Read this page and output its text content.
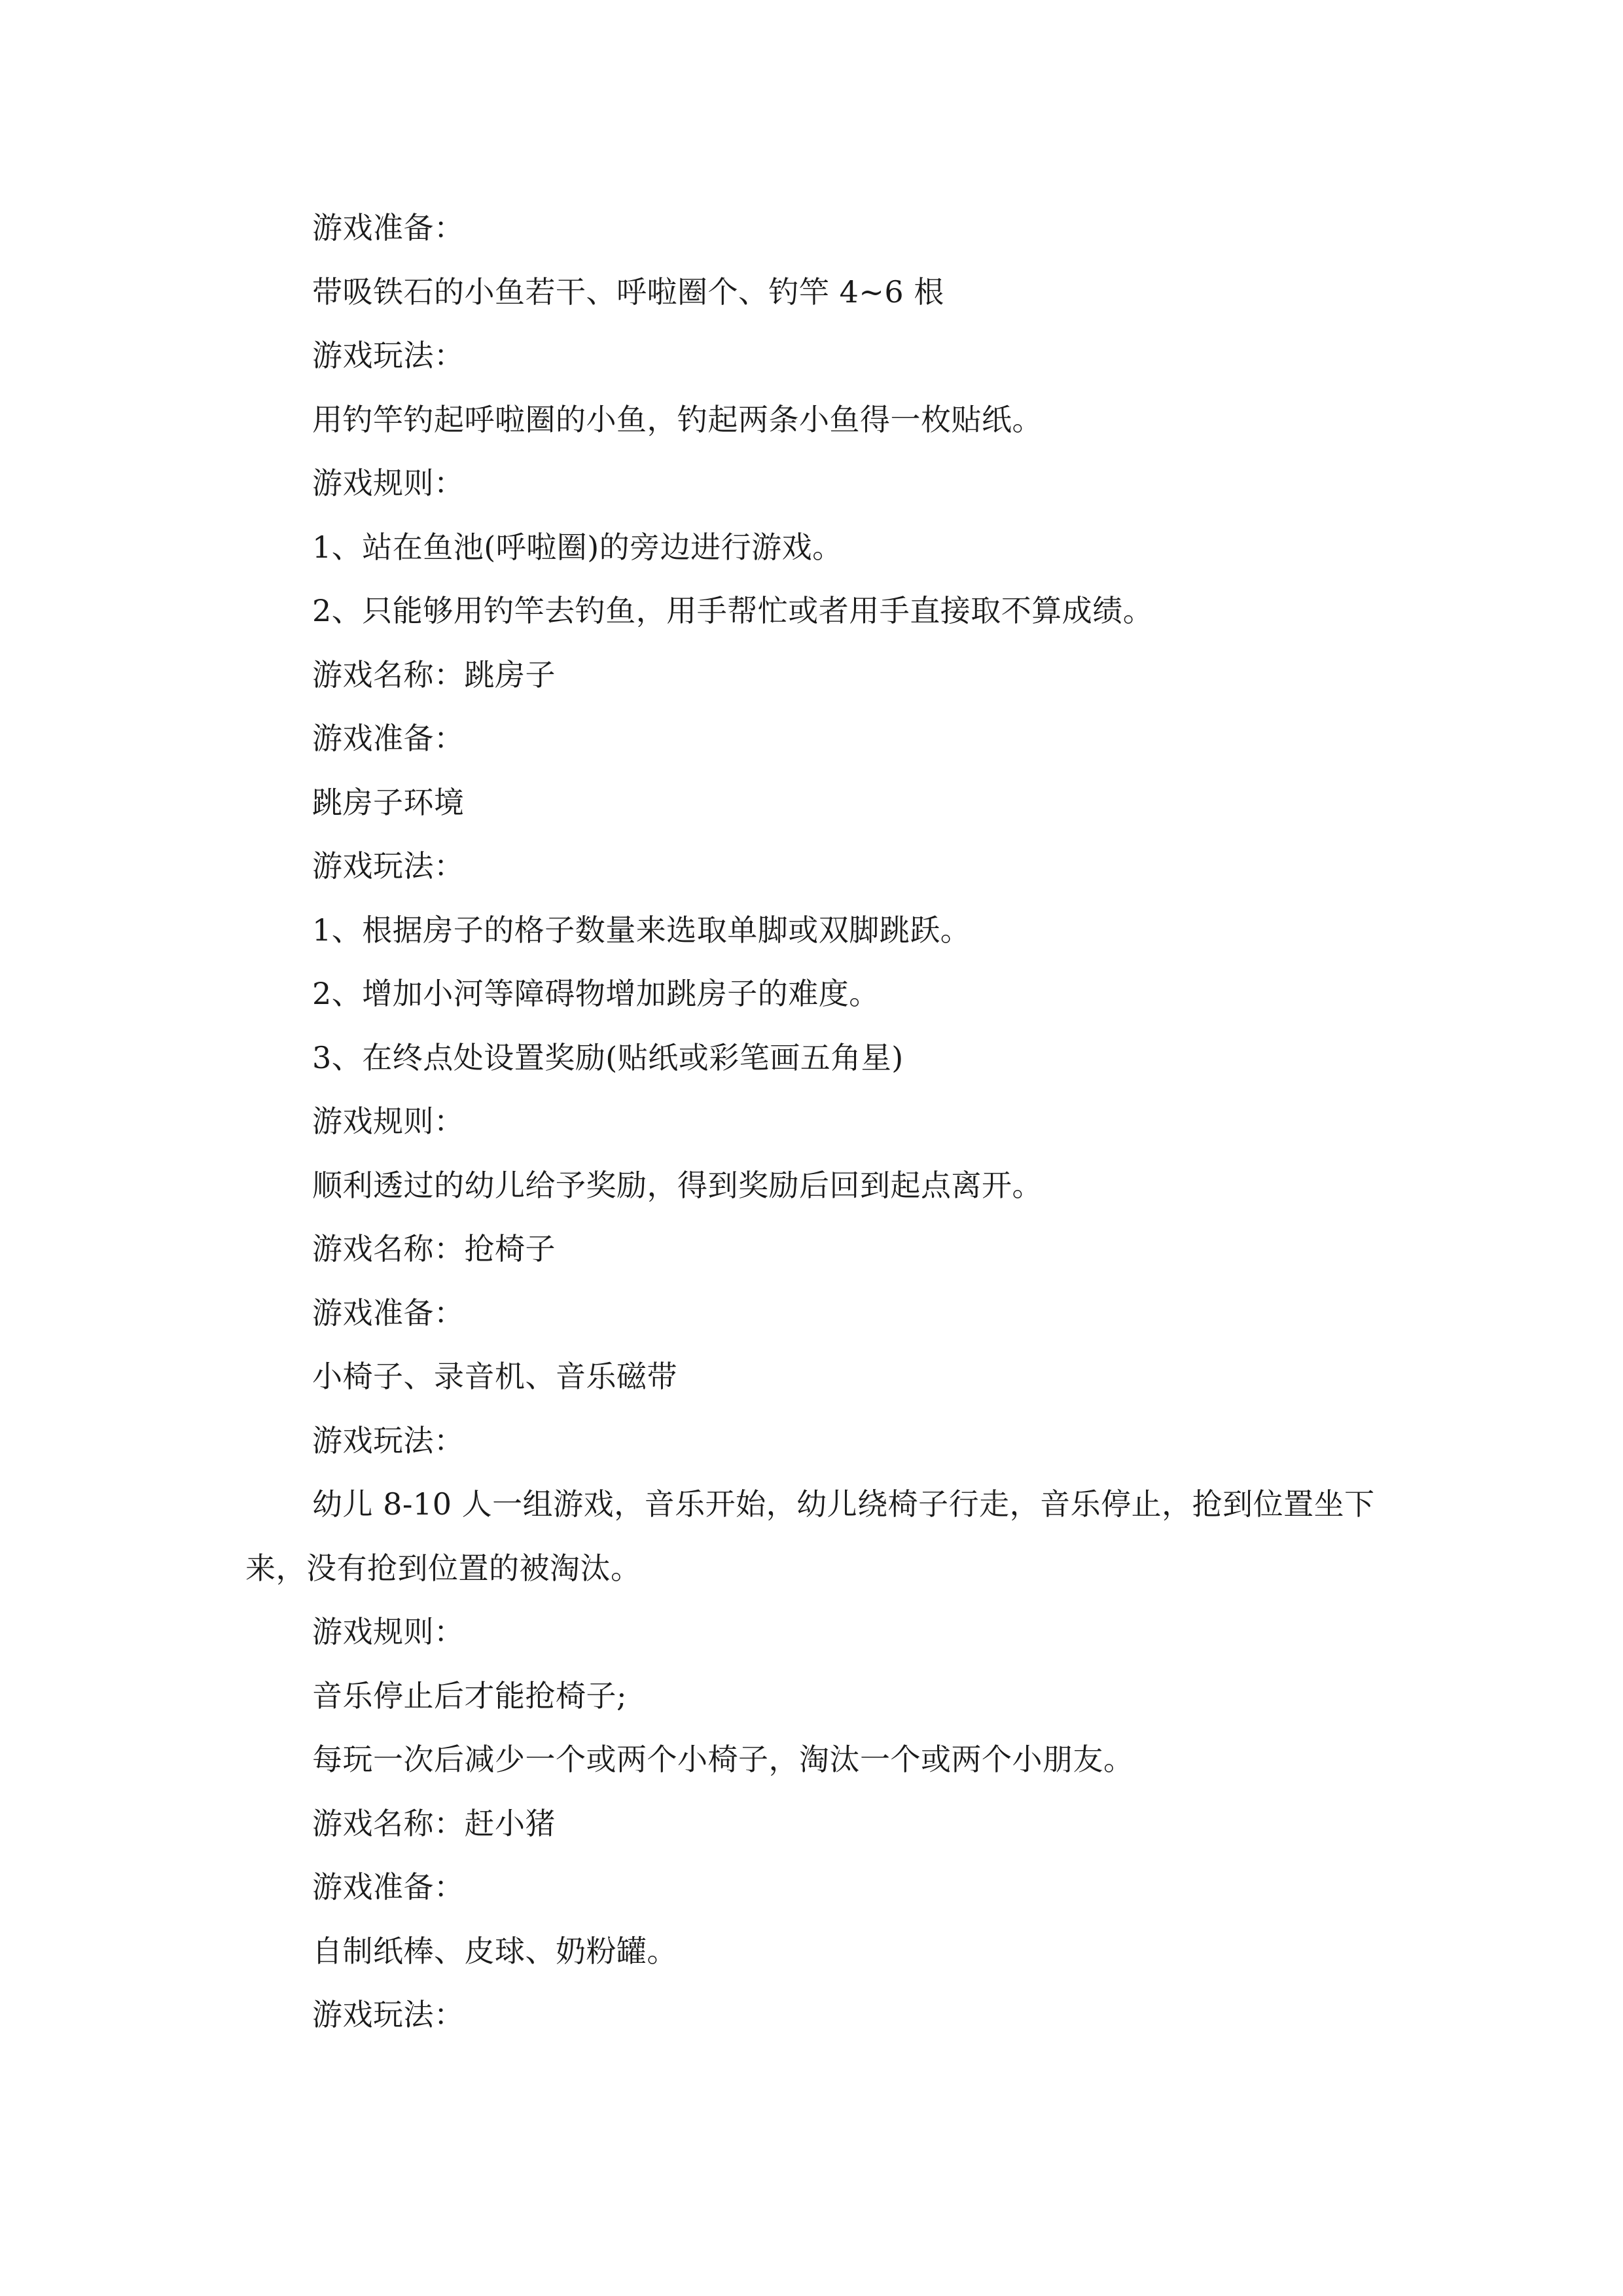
游戏准备：

带吸铁石的小鱼若干、呼啦圈个、钓竿 4~6 根

游戏玩法：

用钓竿钓起呼啦圈的小鱼，钓起两条小鱼得一枚贴纸。

游戏规则：

1、站在鱼池(呼啦圈)的旁边进行游戏。

2、只能够用钓竿去钓鱼，用手帮忙或者用手直接取不算成绩。

游戏名称：跳房子

游戏准备：

跳房子环境

游戏玩法：

1、根据房子的格子数量来选取单脚或双脚跳跃。

2、增加小河等障碍物增加跳房子的难度。

3、在终点处设置奖励(贴纸或彩笔画五角星)

游戏规则：

顺利透过的幼儿给予奖励，得到奖励后回到起点离开。

游戏名称：抢椅子

游戏准备：

小椅子、录音机、音乐磁带

游戏玩法：

幼儿 8-10 人一组游戏，音乐开始，幼儿绕椅子行走，音乐停止，抢到位置坐下来，没有抢到位置的被淘汰。

游戏规则：

音乐停止后才能抢椅子;

每玩一次后减少一个或两个小椅子，淘汰一个或两个小朋友。

游戏名称：赶小猪

游戏准备：

自制纸棒、皮球、奶粉罐。

游戏玩法：
